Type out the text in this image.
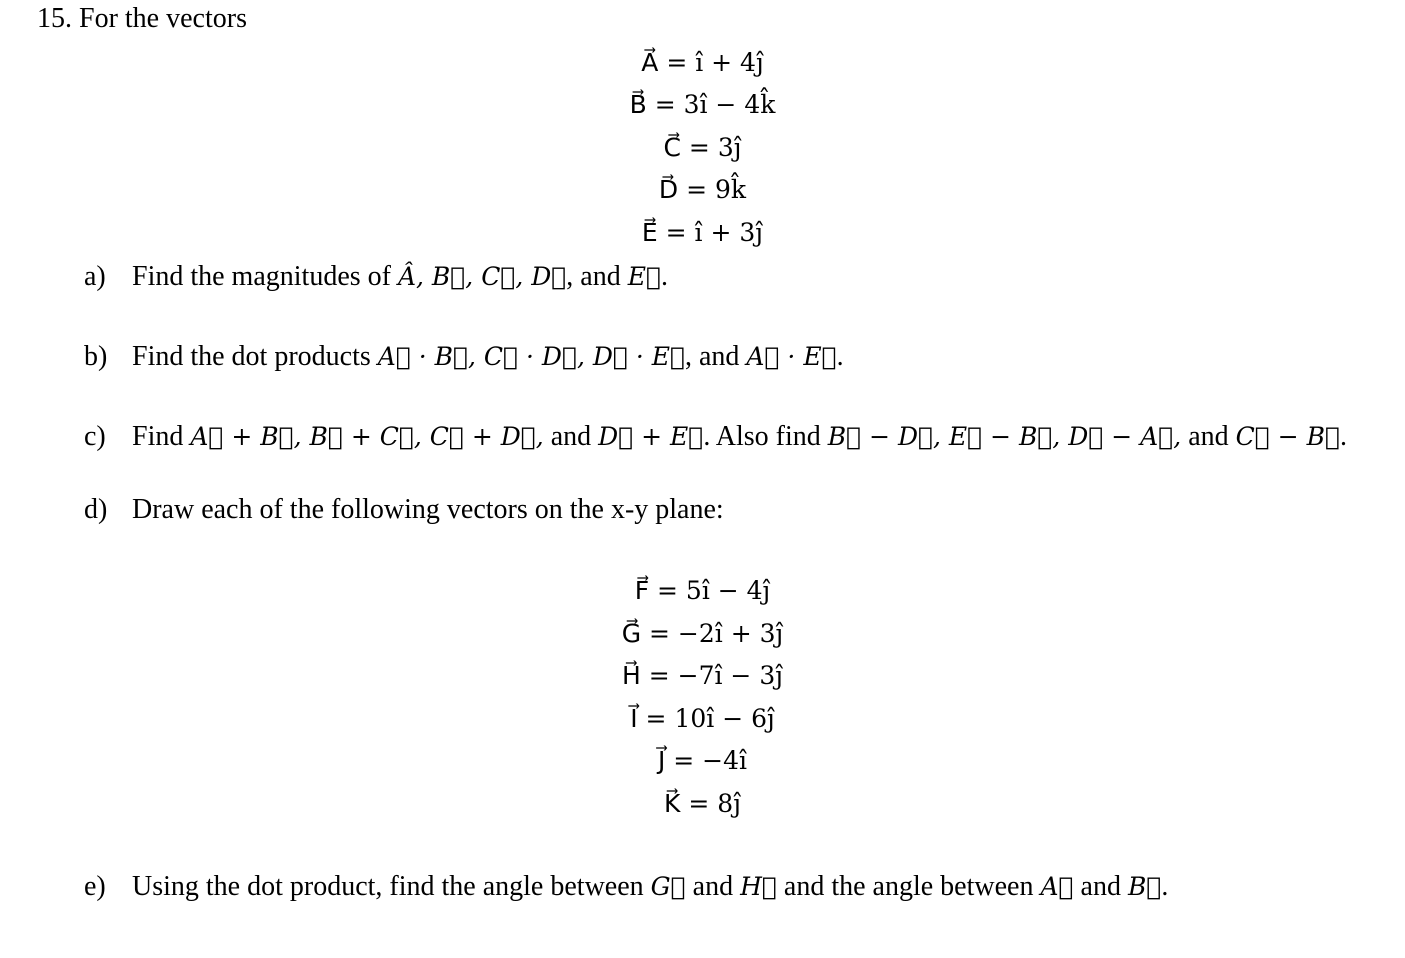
15. For the vectors
A⃗ = ı̂ + 4ȷ̂
B⃗ = 3ı̂ − 4k̂
C⃗ = 3ȷ̂
D⃗ = 9k̂
E⃗ = ı̂ + 3ȷ̂
a) Find the magnitudes of Â, B⃗, C⃗, D⃗, and E⃗.
b) Find the dot products A⃗ · B⃗, C⃗ · D⃗, D⃗ · E⃗, and A⃗ · E⃗.
c) Find A⃗ + B⃗, B⃗ + C⃗, C⃗ + D⃗, and D⃗ + E⃗. Also find B⃗ − D⃗, E⃗ − B⃗, D⃗ − A⃗, and C⃗ − B⃗.
d) Draw each of the following vectors on the x-y plane:
F⃗ = 5ı̂ − 4ȷ̂
G⃗ = −2ı̂ + 3ȷ̂
H⃗ = −7ı̂ − 3ȷ̂
I⃗ = 10ı̂ − 6ȷ̂
J⃗ = −4ı̂
K⃗ = 8ȷ̂
e) Using the dot product, find the angle between G⃗ and H⃗ and the angle between A⃗ and B⃗.
